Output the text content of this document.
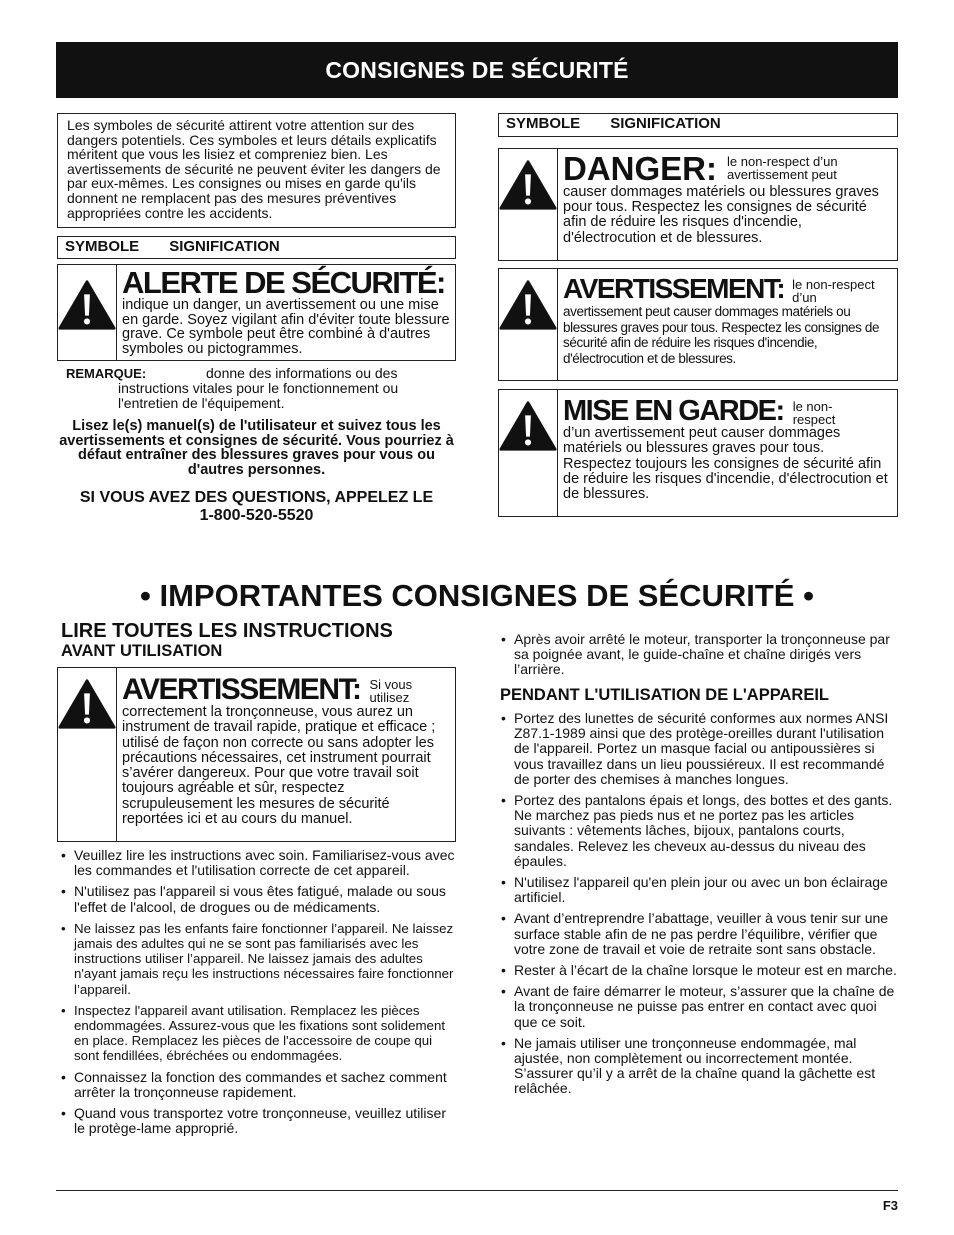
CONSIGNES DE SÉCURITÉ
Les symboles de sécurité attirent votre attention sur des dangers potentiels. Ces symboles et leurs détails explicatifs méritent que vous les lisiez et compreniez bien. Les avertissements de sécurité ne peuvent éviter les dangers de par eux-mêmes. Les consignes ou mises en garde qu'ils donnent ne remplacent pas des mesures préventives appropriées contre les accidents.
SYMBOLE SIGNIFICATION
ALERTE DE SÉCURITÉ:
indique un danger, un avertissement ou une mise en garde. Soyez vigilant afin d'éviter toute blessure grave. Ce symbole peut être combiné à d'autres symboles ou pictogrammes.
REMARQUE:	donne des informations ou des instructions vitales pour le fonctionnement ou l'entretien de l'équipement.
Lisez le(s) manuel(s) de l'utilisateur et suivez tous les avertissements et consignes de sécurité. Vous pourriez à défaut entraîner des blessures graves pour vous ou d'autres personnes.
SI VOUS AVEZ DES QUESTIONS, APPELEZ LE
1-800-520-5520
SYMBOLE SIGNIFICATION
DANGER: le non-respect d’un avertissement peut
causer dommages matériels ou blessures graves pour tous. Respectez les consignes de sécurité afin de réduire les risques d'incendie, d'électrocution et de blessures.
AVERTISSEMENT: le non-respect d’un
avertissement peut causer dommages matériels ou blessures graves pour tous. Respectez les consignes de sécurité afin de réduire les risques d'incendie, d'électrocution et de blessures.
MISE EN GARDE: le non-respect
d’un avertissement peut causer dommages matériels ou blessures graves pour tous. Respectez toujours les consignes de sécurité afin de réduire les risques d'incendie, d'électrocution et de blessures.
• IMPORTANTES CONSIGNES DE SÉCURITÉ •
LIRE TOUTES LES INSTRUCTIONS
AVANT UTILISATION
AVERTISSEMENT: Si vous utilisez
correctement la tronçonneuse, vous aurez un instrument de travail rapide, pratique et efficace ; utilisé de façon non correcte ou sans adopter les précautions nécessaires, cet instrument pourrait s’avérer dangereux. Pour que votre travail soit toujours agréable et sûr, respectez scrupuleusement les mesures de sécurité reportées ici et au cours du manuel.
• Veuillez lire les instructions avec soin. Familiarisez-vous avec les commandes et l'utilisation correcte de cet appareil.
• N'utilisez pas l'appareil si vous êtes fatigué, malade ou sous l'effet de l'alcool, de drogues ou de médicaments.
• Ne laissez pas les enfants faire fonctionner l’appareil. Ne laissez jamais des adultes qui ne se sont pas familiarisés avec les instructions utiliser l’appareil. Ne laissez jamais des adultes n'ayant jamais reçu les instructions nécessaires faire fonctionner l’appareil.
• Inspectez l'appareil avant utilisation. Remplacez les pièces endommagées. Assurez-vous que les fixations sont solidement en place. Remplacez les pièces de l'accessoire de coupe qui sont fendillées, ébréchées ou endommagées.
• Connaissez la fonction des commandes et sachez comment arrêter la tronçonneuse rapidement.
• Quand vous transportez votre tronçonneuse, veuillez utiliser le protège-lame approprié.
• Après avoir arrêté le moteur, transporter la tronçonneuse par sa poignée avant, le guide-chaîne et chaîne dirigés vers l’arrière.
PENDANT L'UTILISATION DE L'APPAREIL
• Portez des lunettes de sécurité conformes aux normes ANSI Z87.1-1989 ainsi que des protège-oreilles durant l'utilisation de l'appareil. Portez un masque facial ou antipoussières si vous travaillez dans un lieu poussiéreux. Il est recommandé de porter des chemises à manches longues.
• Portez des pantalons épais et longs, des bottes et des gants. Ne marchez pas pieds nus et ne portez pas les articles suivants : vêtements lâches, bijoux, pantalons courts, sandales. Relevez les cheveux au-dessus du niveau des épaules.
• N'utilisez l'appareil qu'en plein jour ou avec un bon éclairage artificiel.
• Avant d’entreprendre l’abattage, veuiller à vous tenir sur une surface stable afin de ne pas perdre l’équilibre, vérifier que votre zone de travail et voie de retraite sont sans obstacle.
• Rester à l’écart de la chaîne lorsque le moteur est en marche.
• Avant de faire démarrer le moteur, s’assurer que la chaîne de la tronçonneuse ne puisse pas entrer en contact avec quoi que ce soit.
• Ne jamais utiliser une tronçonneuse endommagée, mal ajustée, non complètement ou incorrectement montée. S’assurer qu’il y a arrêt de la chaîne quand la gâchette est relâchée.
F3
